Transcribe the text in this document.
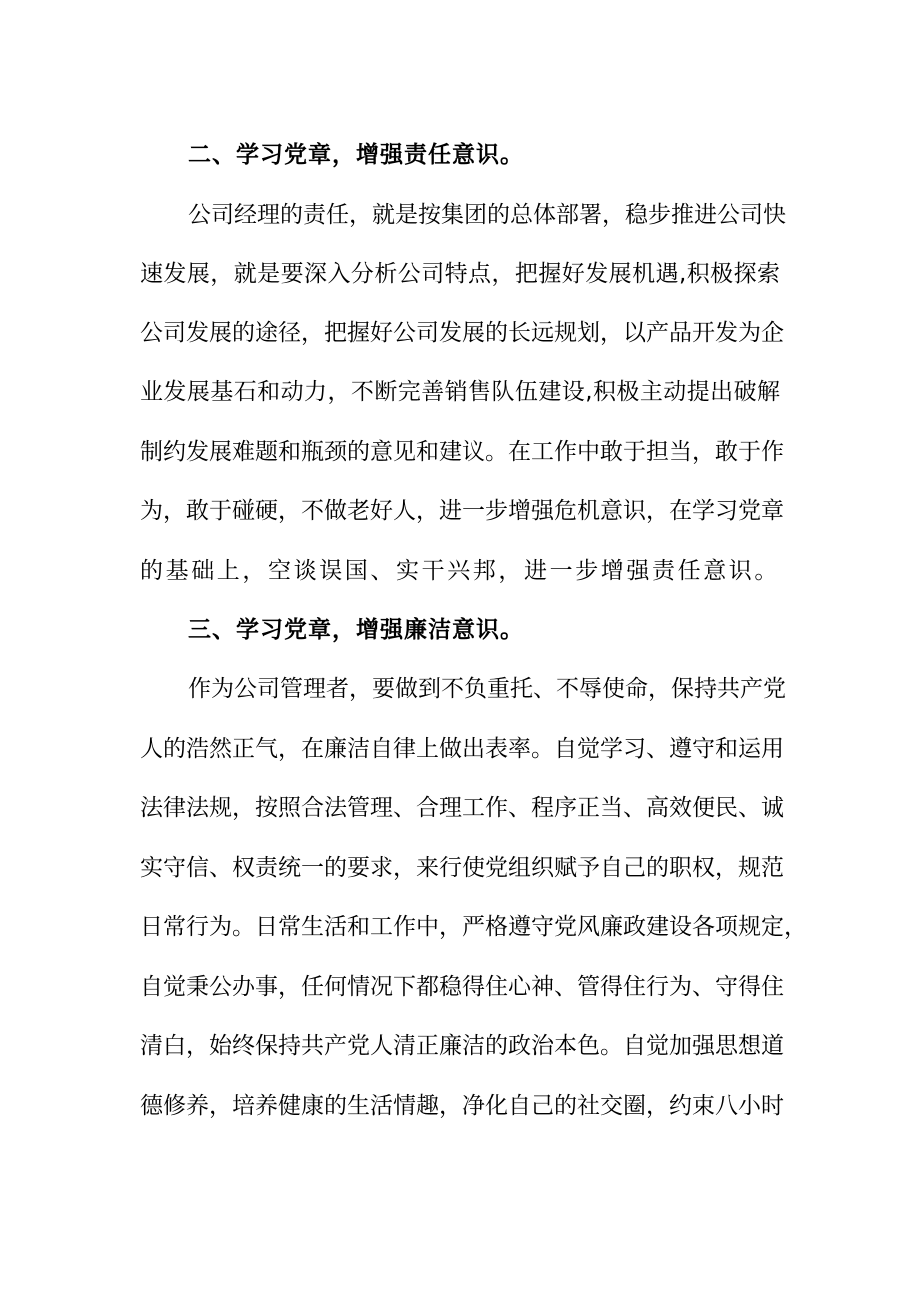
二、学习党章，增强责任意识。
公司经理的责任，就是按集团的总体部署，稳步推进公司快
速发展，就是要深入分析公司特点，把握好发展机遇,积极探索
公司发展的途径，把握好公司发展的长远规划，以产品开发为企
业发展基石和动力，不断完善销售队伍建设,积极主动提出破解
制约发展难题和瓶颈的意见和建议。在工作中敢于担当，敢于作
为，敢于碰硬，不做老好人，进一步增强危机意识，在学习党章
的基础上，空谈误国、实干兴邦，进一步增强责任意识。
三、学习党章，增强廉洁意识。
作为公司管理者，要做到不负重托、不辱使命，保持共产党
人的浩然正气，在廉洁自律上做出表率。自觉学习、遵守和运用
法律法规，按照合法管理、合理工作、程序正当、高效便民、诚
实守信、权责统一的要求，来行使党组织赋予自己的职权，规范
日常行为。日常生活和工作中，严格遵守党风廉政建设各项规定，
自觉秉公办事，任何情况下都稳得住心神、管得住行为、守得住
清白，始终保持共产党人清正廉洁的政治本色。自觉加强思想道
德修养，培养健康的生活情趣，净化自己的社交圈，约束八小时
